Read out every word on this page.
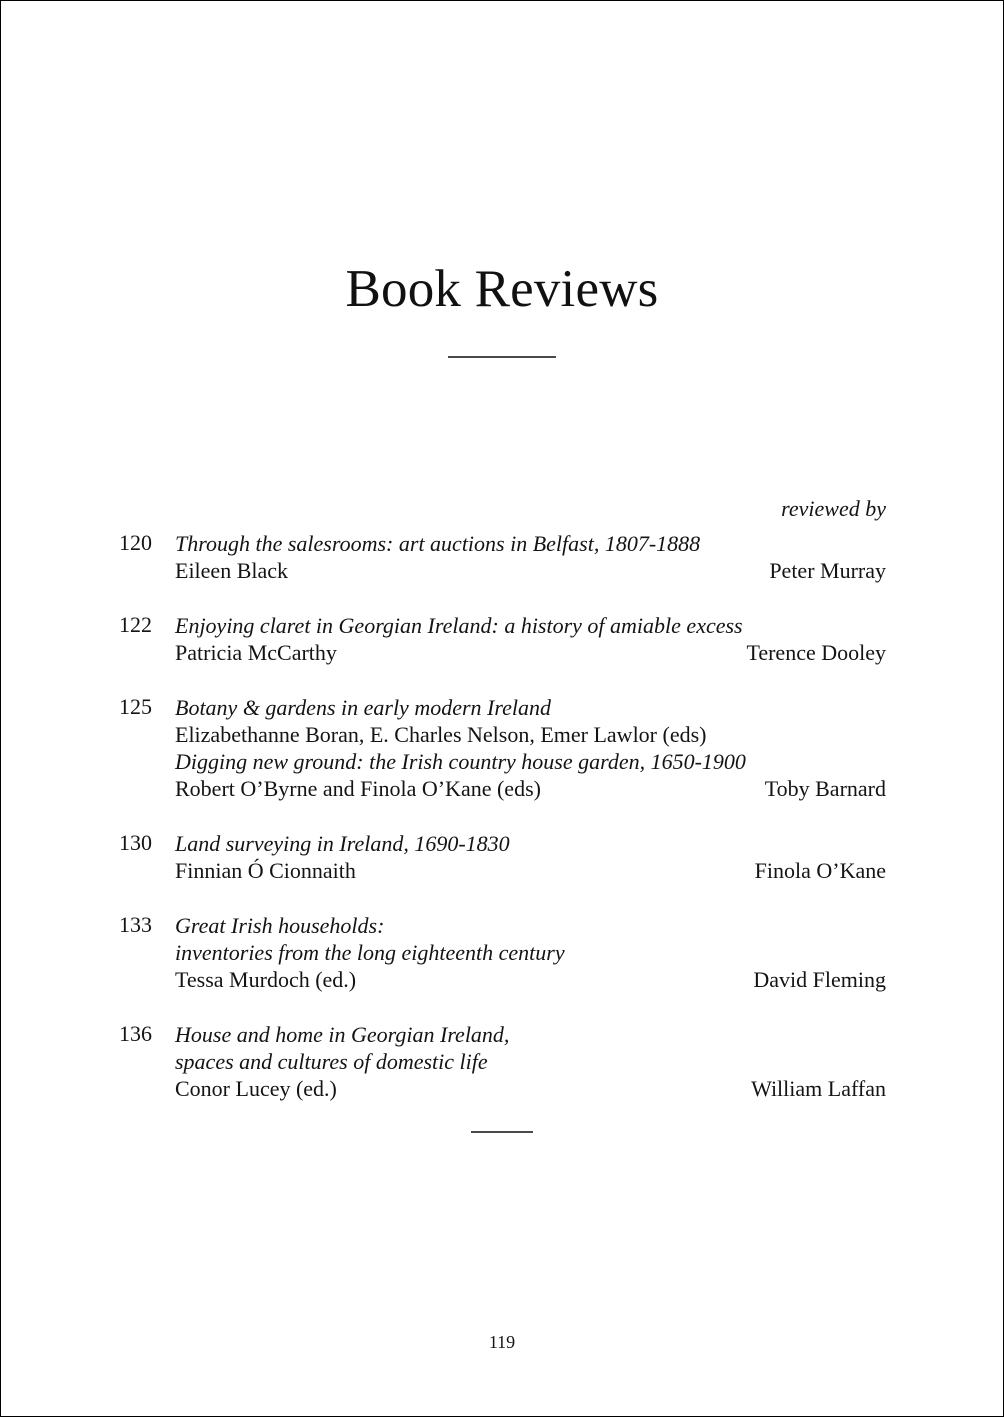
Book Reviews
reviewed by
120	Through the salesrooms: art auctions in Belfast, 1807-1888
Eileen Black	Peter Murray
122	Enjoying claret in Georgian Ireland: a history of amiable excess
Patricia McCarthy	Terence Dooley
125	Botany & gardens in early modern Ireland
Elizabethanne Boran, E. Charles Nelson, Emer Lawlor (eds)
Digging new ground: the Irish country house garden, 1650-1900
Robert O’Byrne and Finola O’Kane (eds)	Toby Barnard
130	Land surveying in Ireland, 1690-1830
Finnian Ó Cionnaith	Finola O’Kane
133	Great Irish households:
inventories from the long eighteenth century
Tessa Murdoch (ed.)	David Fleming
136	House and home in Georgian Ireland,
spaces and cultures of domestic life
Conor Lucey (ed.)	William Laffan
119
